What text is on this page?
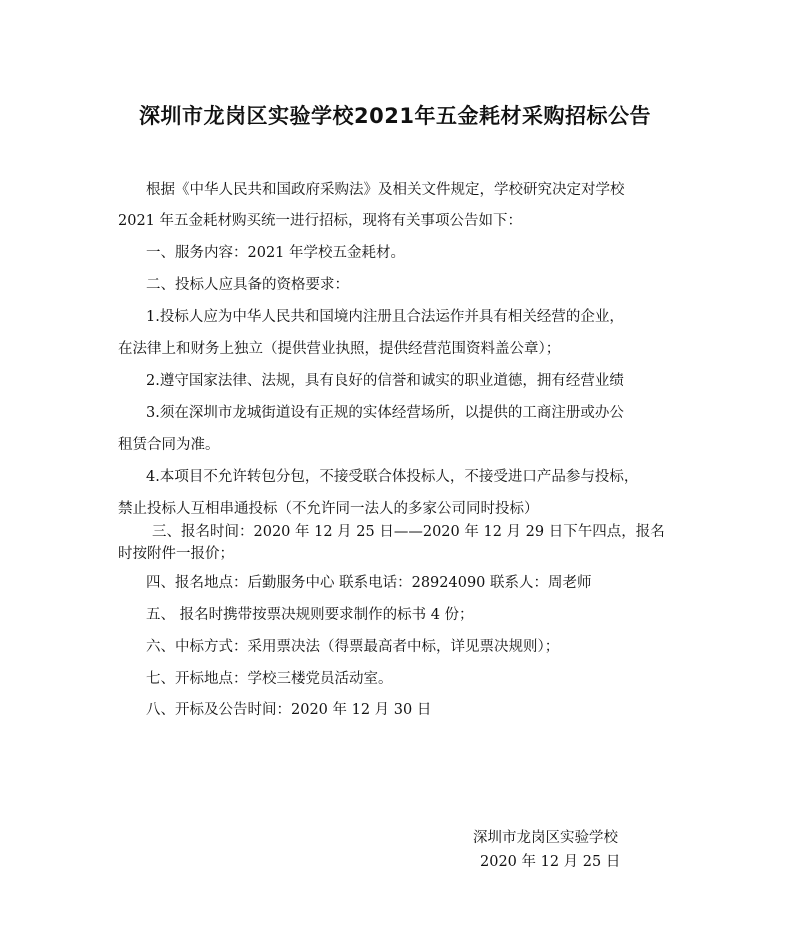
深圳市龙岗区实验学校2021年五金耗材采购招标公告
根据《中华人民共和国政府采购法》及相关文件规定，学校研究决定对学校
2021 年五金耗材购买统一进行招标，现将有关事项公告如下：
一、服务内容：2021 年学校五金耗材。
二、投标人应具备的资格要求：
1.投标人应为中华人民共和国境内注册且合法运作并具有相关经营的企业，
在法律上和财务上独立（提供营业执照，提供经营范围资料盖公章）；
2.遵守国家法律、法规，具有良好的信誉和诚实的职业道德，拥有经营业绩
3.须在深圳市龙城街道设有正规的实体经营场所，以提供的工商注册或办公
租赁合同为准。
4.本项目不允许转包分包，不接受联合体投标人，不接受进口产品参与投标，
禁止投标人互相串通投标（不允许同一法人的多家公司同时投标）
三、报名时间：2020 年 12 月 25 日——2020 年 12 月 29 日下午四点，报名
时按附件一报价；
四、报名地点：后勤服务中心 联系电话：28924090 联系人：周老师
五、 报名时携带按票决规则要求制作的标书 4 份；
六、中标方式：采用票决法（得票最高者中标，详见票决规则）；
七、开标地点：学校三楼党员活动室。
八、开标及公告时间：2020 年 12 月 30 日
深圳市龙岗区实验学校
2020 年 12 月 25 日
